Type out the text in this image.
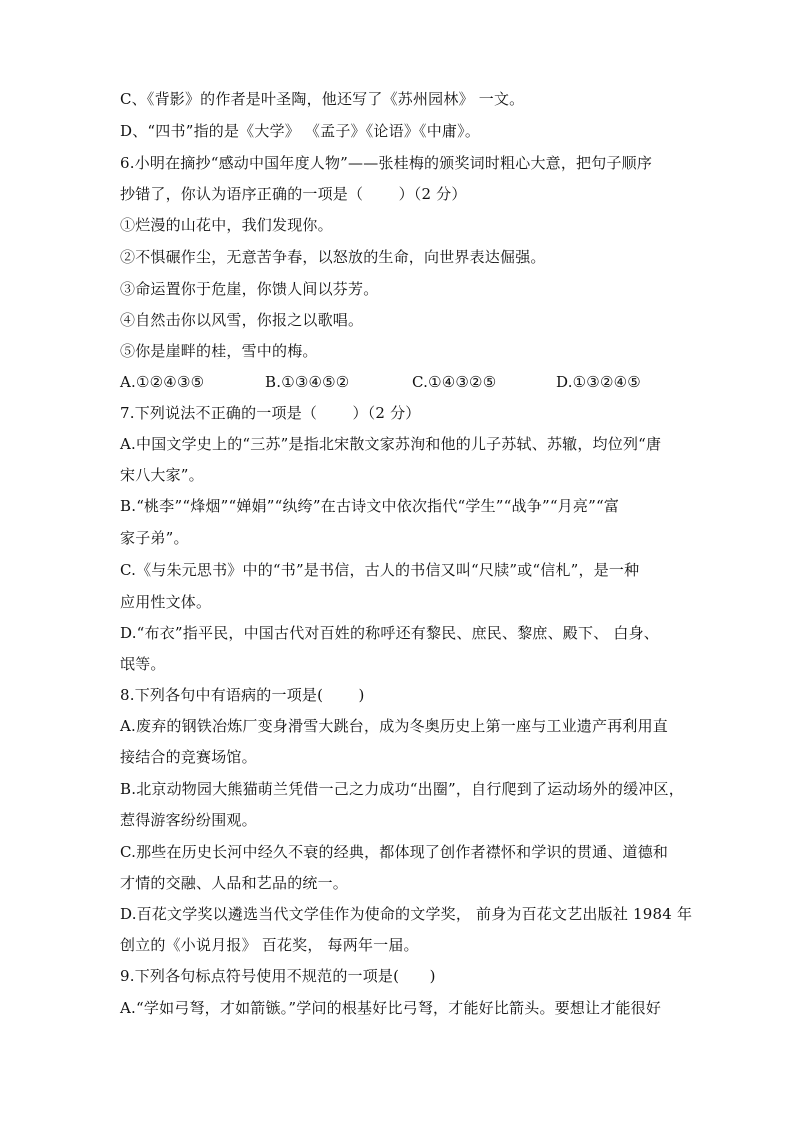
C、《背影》的作者是叶圣陶，他还写了《苏州园林》 一文。
D、“四书”指的是《大学》 《孟子》《论语》《中庸》。
6.小明在摘抄“感动中国年度人物”——张桂梅的颁奖词时粗心大意，把句子顺序
抄错了，你认为语序正确的一项是（　　 ）（2 分）
①烂漫的山花中，我们发现你。
②不惧碾作尘，无意苦争春，以怒放的生命，向世界表达倔强。
③命运置你于危崖，你馈人间以芬芳。
④自然击你以风雪，你报之以歌唱。
⑤你是崖畔的桂，雪中的梅。
A.①②④③⑤	B.①③④⑤②	C.①④③②⑤	D.①③②④⑤
7.下列说法不正确的一项是（　　 ）（2 分）
A.中国文学史上的“三苏”是指北宋散文家苏洵和他的儿子苏轼、苏辙，均位列“唐
宋八大家”。
B.“桃李”“烽烟”“婵娟”“纨绔”在古诗文中依次指代“学生”“战争”“月亮”“富
家子弟”。
C.《与朱元思书》中的“书”是书信，古人的书信又叫“尺牍”或“信札”，是一种
应用性文体。
D.“布衣”指平民，中国古代对百姓的称呼还有黎民、庶民、黎庶、殿下、 白身、
氓等。
8.下列各句中有语病的一项是(　　 )
A.废弃的钢铁冶炼厂变身滑雪大跳台，成为冬奥历史上第一座与工业遗产再利用直
接结合的竞赛场馆。
B.北京动物园大熊猫萌兰凭借一己之力成功“出圈”，自行爬到了运动场外的缓冲区，
惹得游客纷纷围观。
C.那些在历史长河中经久不衰的经典，都体现了创作者襟怀和学识的贯通、道德和
才情的交融、人品和艺品的统一。
D.百花文学奖以遴选当代文学佳作为使命的文学奖， 前身为百花文艺出版社 1984 年
创立的《小说月报》 百花奖， 每两年一届。
9.下列各句标点符号使用不规范的一项是(　　)
A.“学如弓弩，才如箭镞。”学问的根基好比弓弩，才能好比箭头。要想让才能很好
